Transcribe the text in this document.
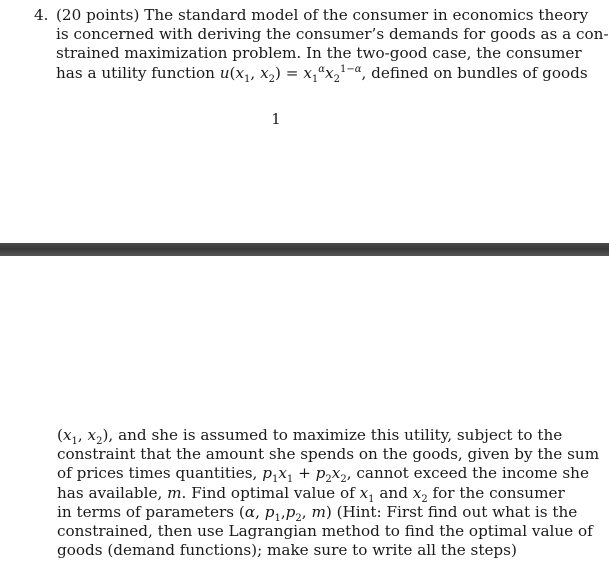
4. (20 points) The standard model of the consumer in economics theory
is concerned with deriving the consumer’s demands for goods as a con-
strained maximization problem. In the two-good case, the consumer
has a utility function $u(x_1$, $x_2) = x_1^\alpha x_2^{1-\alpha}$, defined on bundles of goods
1
($x_1$, $x_2$), and she is assumed to maximize this utility, subject to the
constraint that the amount she spends on the goods, given by the sum
of prices times quantities, $p_1x_1 + p_2x_2$, cannot exceed the income she
has available, m. Find optimal value of $x_1$ and $x_2$ for the consumer
in terms of parameters (α, $p_1,p_2$, m) (Hint: First find out what is the
constrained, then use Lagrangian method to find the optimal value of
goods (demand functions); make sure to write all the steps)
